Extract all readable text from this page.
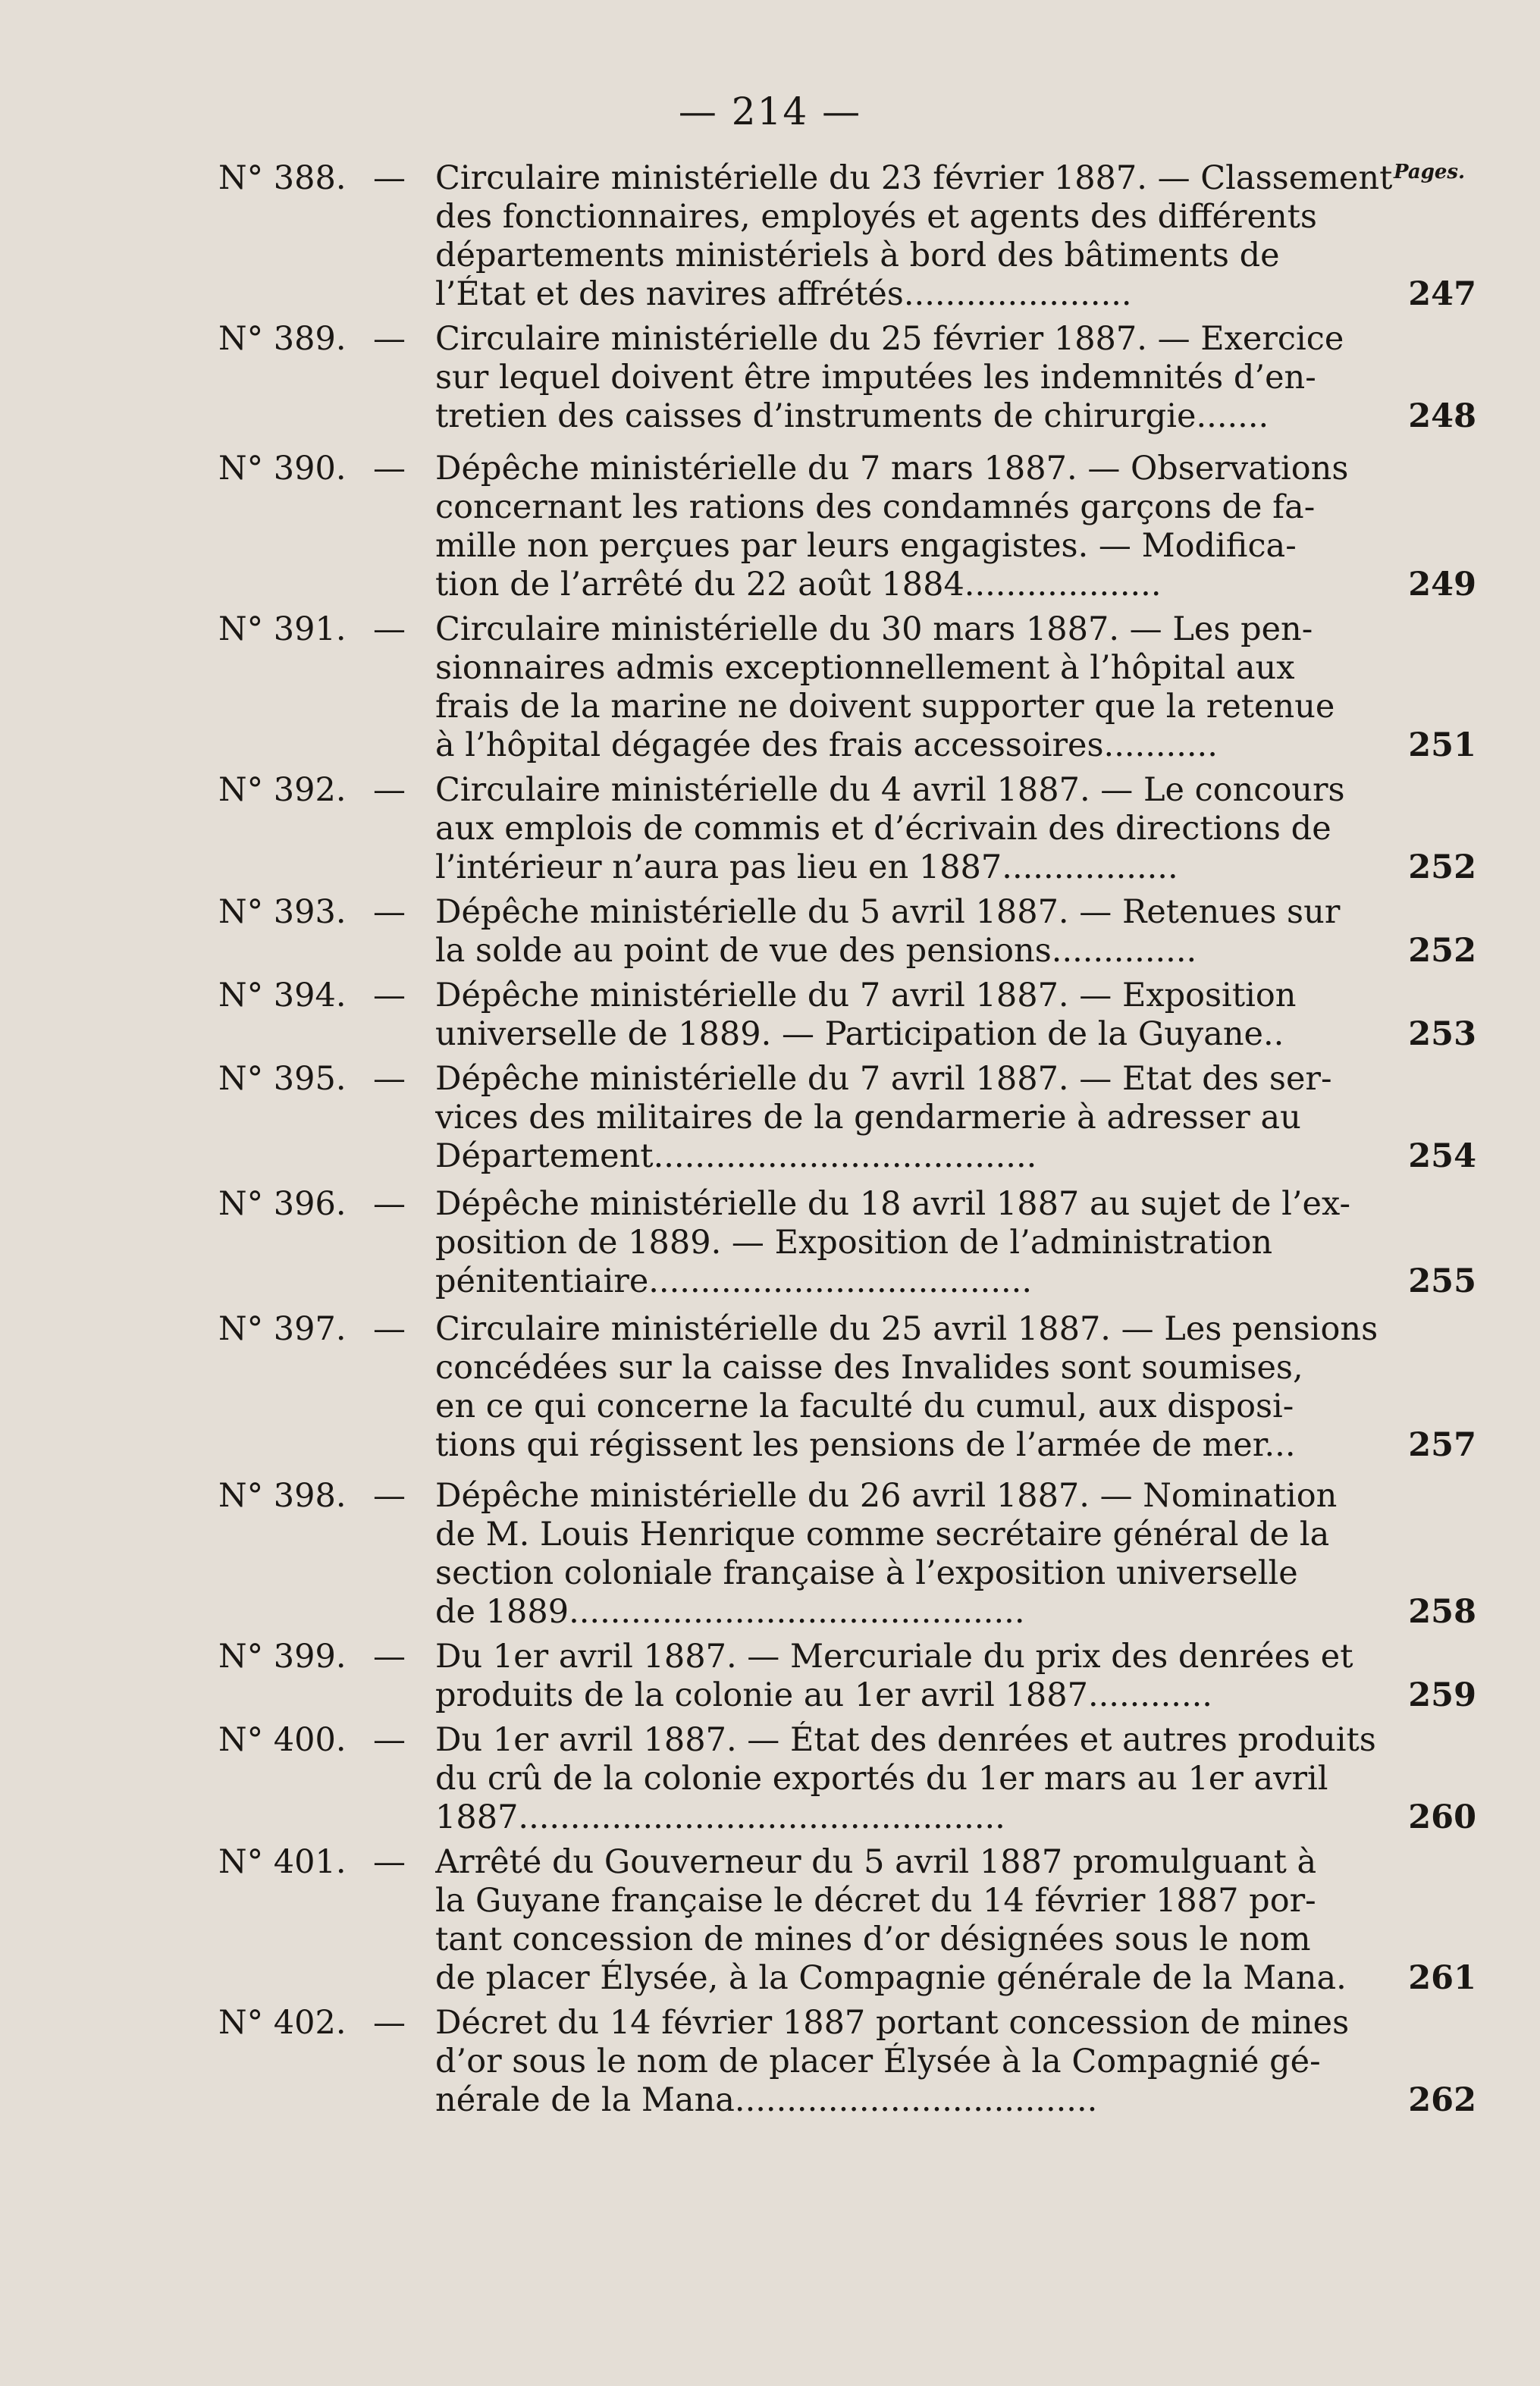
— 214 —
Pages.
N° 388. — Circulaire ministérielle du 23 février 1887. — Classement
des fonctionnaires, employés et agents des différents
départements ministériels à bord des bâtiments de
l’État et des navires affrétés......................	247
N° 389. — Circulaire ministérielle du 25 février 1887. — Exercice
sur lequel doivent être imputées les indemnités d’en-
tretien des caisses d’instruments de chirurgie.......	248
N° 390. — Dépêche ministérielle du 7 mars 1887. — Observations
concernant les rations des condamnés garçons de fa-
mille non perçues par leurs engagistes. — Modifica-
tion de l’arrêté du 22 août 1884...................	249
N° 391. — Circulaire ministérielle du 30 mars 1887. — Les pen-
sionnaires admis exceptionnellement à l’hôpital aux
frais de la marine ne doivent supporter que la retenue
à l’hôpital dégagée des frais accessoires...........	251
N° 392. — Circulaire ministérielle du 4 avril 1887. — Le concours
aux emplois de commis et d’écrivain des directions de
l’intérieur n’aura pas lieu en 1887.................	252
N° 393. — Dépêche ministérielle du 5 avril 1887. — Retenues sur
la solde au point de vue des pensions..............	252
N° 394. — Dépêche ministérielle du 7 avril 1887. — Exposition
universelle de 1889. — Participation de la Guyane..	253
N° 395. — Dépêche ministérielle du 7 avril 1887. — Etat des ser-
vices des militaires de la gendarmerie à adresser au
Département.....................................	254
N° 396. — Dépêche ministérielle du 18 avril 1887 au sujet de l’ex-
position de 1889. — Exposition de l’administration
pénitentiaire.....................................	255
N° 397. — Circulaire ministérielle du 25 avril 1887. — Les pensions
concédées sur la caisse des Invalides sont soumises,
en ce qui concerne la faculté du cumul, aux disposi-
tions qui régissent les pensions de l’armée de mer...	257
N° 398. — Dépêche ministérielle du 26 avril 1887. — Nomination
de M. Louis Henrique comme secrétaire général de la
section coloniale française à l’exposition universelle
de 1889............................................	258
N° 399. — Du 1er avril 1887. — Mercuriale du prix des denrées et
produits de la colonie au 1er avril 1887............	259
N° 400. — Du 1er avril 1887. — État des denrées et autres produits
du crû de la colonie exportés du 1er mars au 1er avril
1887...............................................	260
N° 401. — Arrêté du Gouverneur du 5 avril 1887 promulguant à
la Guyane française le décret du 14 février 1887 por-
tant concession de mines d’or désignées sous le nom
de placer Élysée, à la Compagnie générale de la Mana.	261
N° 402. — Décret du 14 février 1887 portant concession de mines
d’or sous le nom de placer Élysée à la Compagnié gé-
nérale de la Mana...................................	262
